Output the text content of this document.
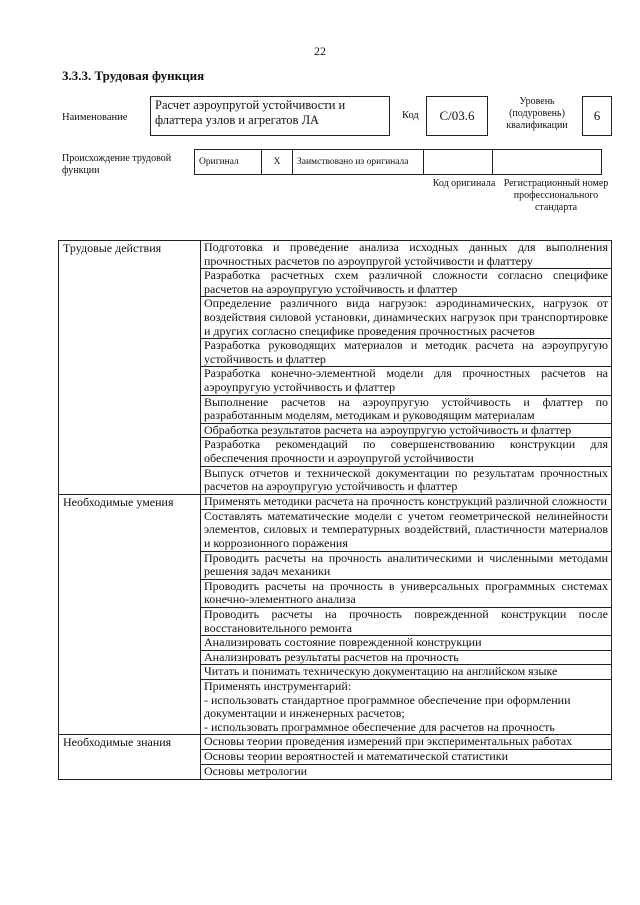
22
3.3.3. Трудовая функция
Наименование
Расчет аэроупругой устойчивости и флаттера узлов и агрегатов ЛА	Код	C/03.6
Уровень (подуровень) квалификации
6
Происхождение трудовой функции
Оригинал	X	Заимствовано из оригинала		
Код оригинала Регистрационный номер профессионального стандарта
Трудовые действия	Подготовка и проведение анализа исходных данных для выполнения прочностных расчетов по аэроупругой устойчивости и флаттеру
	Разработка расчетных схем различной сложности согласно специфике расчетов на аэроупругую устойчивость и флаттер
	Определение различного вида нагрузок: аэродинамических, нагрузок от воздействия силовой установки, динамических нагрузок при транспортировке и других согласно специфике проведения прочностных расчетов
	Разработка руководящих материалов и методик расчета на аэроупругую устойчивость и флаттер
	Разработка конечно-элементной модели для прочностных расчетов на аэроупругую устойчивость и флаттер
	Выполнение расчетов на аэроупругую устойчивость и флаттер по разработанным моделям, методикам и руководящим материалам
	Обработка результатов расчета на аэроупругую устойчивость и флаттер
	Разработка рекомендаций по совершенствованию конструкции для обеспечения прочности и аэроупругой устойчивости
	Выпуск отчетов и технической документации по результатам прочностных расчетов на аэроупругую устойчивость и флаттер
Необходимые умения	Применять методики расчета на прочность конструкций различной сложности
	Составлять математические модели с учетом геометрической нелинейности элементов, силовых и температурных воздействий, пластичности материалов и коррозионного поражения
	Проводить расчеты на прочность аналитическими и численными методами решения задач механики
	Проводить расчеты на прочность в универсальных программных системах конечно-элементного анализа
	Проводить расчеты на прочность поврежденной конструкции после восстановительного ремонта
	Анализировать состояние поврежденной конструкции
	Анализировать результаты расчетов на прочность
	Читать и понимать техническую документацию на английском языке
	Применять инструментарий:
- использовать стандартное программное обеспечение при оформлении документации и инженерных расчетов;
- использовать программное обеспечение для расчетов на прочность
Необходимые знания	Основы теории проведения измерений при экспериментальных работах
	Основы теории вероятностей и математической статистики
	Основы метрологии
